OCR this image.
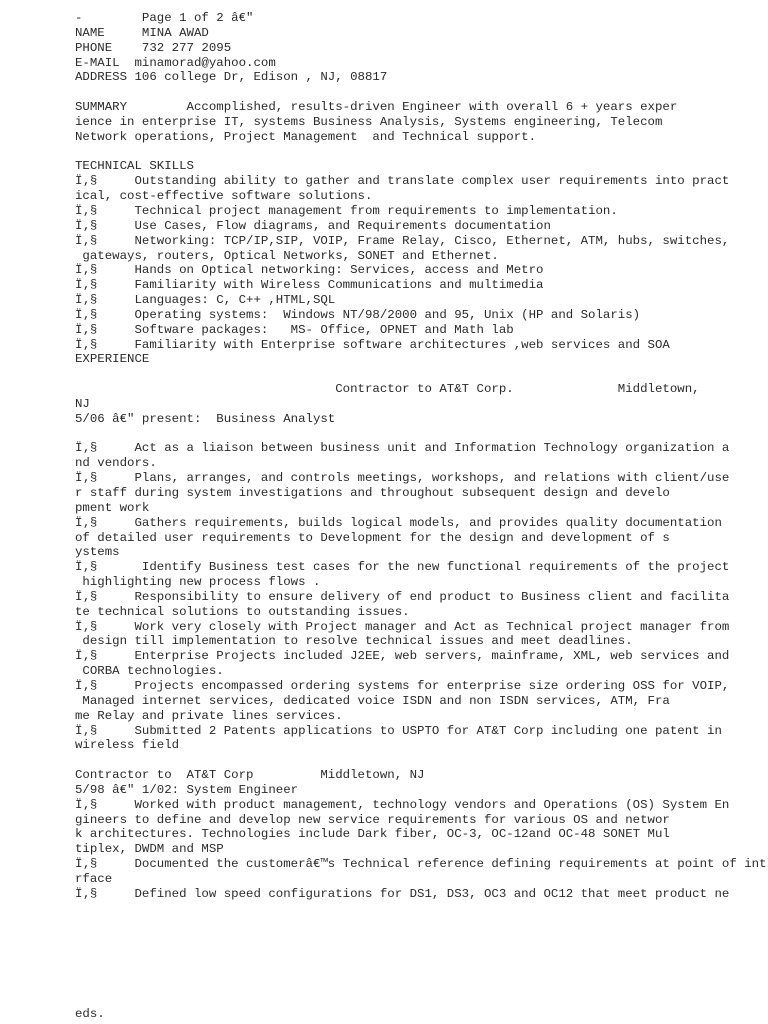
-        Page 1 of 2 â€"
NAME     MINA AWAD
PHONE    732 277 2095
E-MAIL  minamorad@yahoo.com
ADDRESS 106 college Dr, Edison , NJ, 08817
SUMMARY        Accomplished, results-driven Engineer with overall 6 + years exper
ience in enterprise IT, systems Business Analysis, Systems engineering, Telecom
Network operations, Project Management  and Technical support.
TECHNICAL SKILLS
Ï‚§     Outstanding ability to gather and translate complex user requirements into pract
ical, cost-effective software solutions.
Ï‚§     Technical project management from requirements to implementation.
Ï‚§     Use Cases, Flow diagrams, and Requirements documentation
Ï‚§     Networking: TCP/IP,SIP, VOIP, Frame Relay, Cisco, Ethernet, ATM, hubs, switches,
gateways, routers, Optical Networks, SONET and Ethernet.
Ï‚§     Hands on Optical networking: Services, access and Metro
Ï‚§     Familiarity with Wireless Communications and multimedia
Ï‚§     Languages: C, C++ ,HTML,SQL
Ï‚§     Operating systems:  Windows NT/98/2000 and 95, Unix (HP and Solaris)
Ï‚§     Software packages:   MS- Office, OPNET and Math lab
Ï‚§     Familiarity with Enterprise software architectures ,web services and SOA
EXPERIENCE
Contractor to AT&T Corp.              Middletown,
NJ
5/06 â€" present:  Business Analyst
Ï‚§     Act as a liaison between business unit and Information Technology organization a
nd vendors.
Ï‚§     Plans, arranges, and controls meetings, workshops, and relations with client/use
r staff during system investigations and throughout subsequent design and develo
pment work
Ï‚§     Gathers requirements, builds logical models, and provides quality documentation
of detailed user requirements to Development for the design and development of s
ystems
Ï‚§      Identify Business test cases for the new functional requirements of the project
highlighting new process flows .
Ï‚§     Responsibility to ensure delivery of end product to Business client and facilita
te technical solutions to outstanding issues.
Ï‚§     Work very closely with Project manager and Act as Technical project manager from
design till implementation to resolve technical issues and meet deadlines.
Ï‚§     Enterprise Projects included J2EE, web servers, mainframe, XML, web services and
CORBA technologies.
Ï‚§     Projects encompassed ordering systems for enterprise size ordering OSS for VOIP,
Managed internet services, dedicated voice ISDN and non ISDN services, ATM, Fra
me Relay and private lines services.
Ï‚§     Submitted 2 Patents applications to USPTO for AT&T Corp including one patent in
wireless field
Contractor to  AT&T Corp         Middletown, NJ
5/98 â€" 1/02: System Engineer
Ï‚§     Worked with product management, technology vendors and Operations (OS) System En
gineers to define and develop new service requirements for various OS and networ
k architectures. Technologies include Dark fiber, OC-3, OC-12and OC-48 SONET Mul
tiplex, DWDM and MSP
Ï‚§     Documented the customerâ€™s Technical reference defining requirements at point of int
rface
Ï‚§     Defined low speed configurations for DS1, DS3, OC3 and OC12 that meet product ne
eds.
